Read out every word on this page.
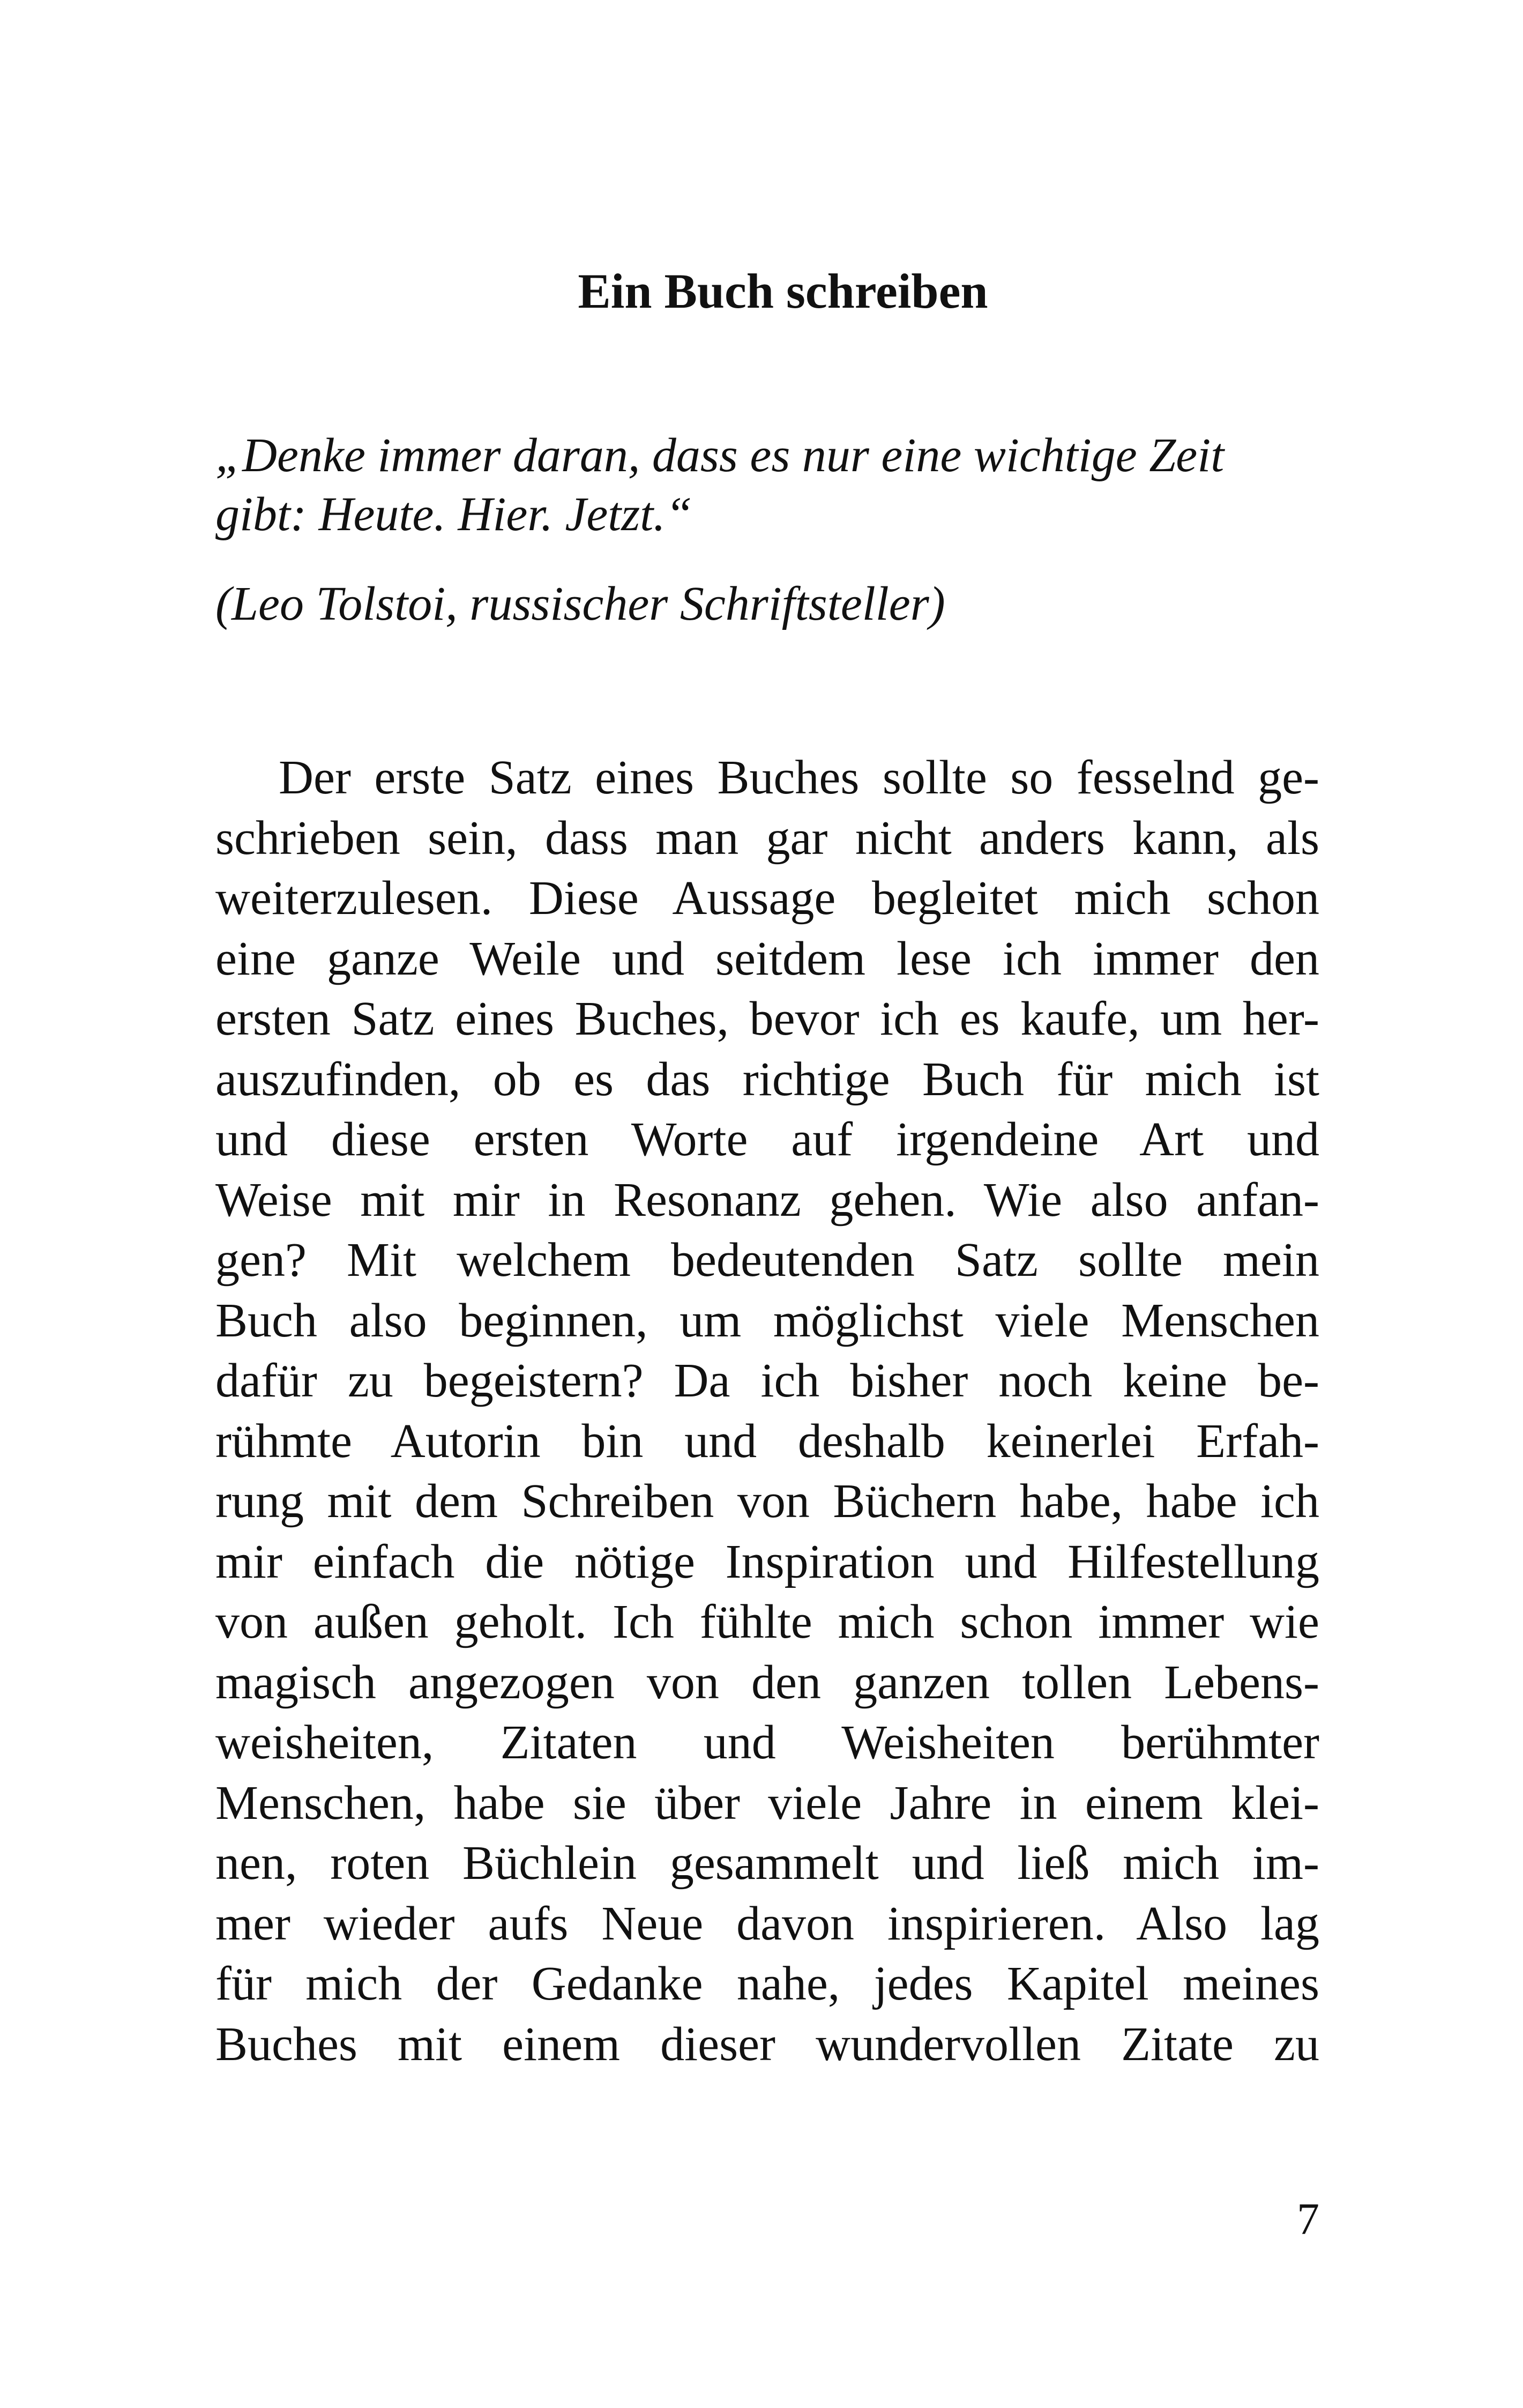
Ein Buch schreiben

„Denke immer daran, dass es nur eine wichtige Zeit
gibt: Heute. Hier. Jetzt.“

(Leo Tolstoi, russischer Schriftsteller)

Der erste Satz eines Buches sollte so fesselnd ge-
schrieben sein, dass man gar nicht anders kann, als
weiterzulesen. Diese Aussage begleitet mich schon
eine ganze Weile und seitdem lese ich immer den
ersten Satz eines Buches, bevor ich es kaufe, um her-
auszufinden, ob es das richtige Buch für mich ist
und diese ersten Worte auf irgendeine Art und
Weise mit mir in Resonanz gehen. Wie also anfan-
gen? Mit welchem bedeutenden Satz sollte mein
Buch also beginnen, um möglichst viele Menschen
dafür zu begeistern? Da ich bisher noch keine be-
rühmte Autorin bin und deshalb keinerlei Erfah-
rung mit dem Schreiben von Büchern habe, habe ich
mir einfach die nötige Inspiration und Hilfestellung
von außen geholt. Ich fühlte mich schon immer wie
magisch angezogen von den ganzen tollen Lebens-
weisheiten, Zitaten und Weisheiten berühmter
Menschen, habe sie über viele Jahre in einem klei-
nen, roten Büchlein gesammelt und ließ mich im-
mer wieder aufs Neue davon inspirieren. Also lag
für mich der Gedanke nahe, jedes Kapitel meines
Buches mit einem dieser wundervollen Zitate zu

7
